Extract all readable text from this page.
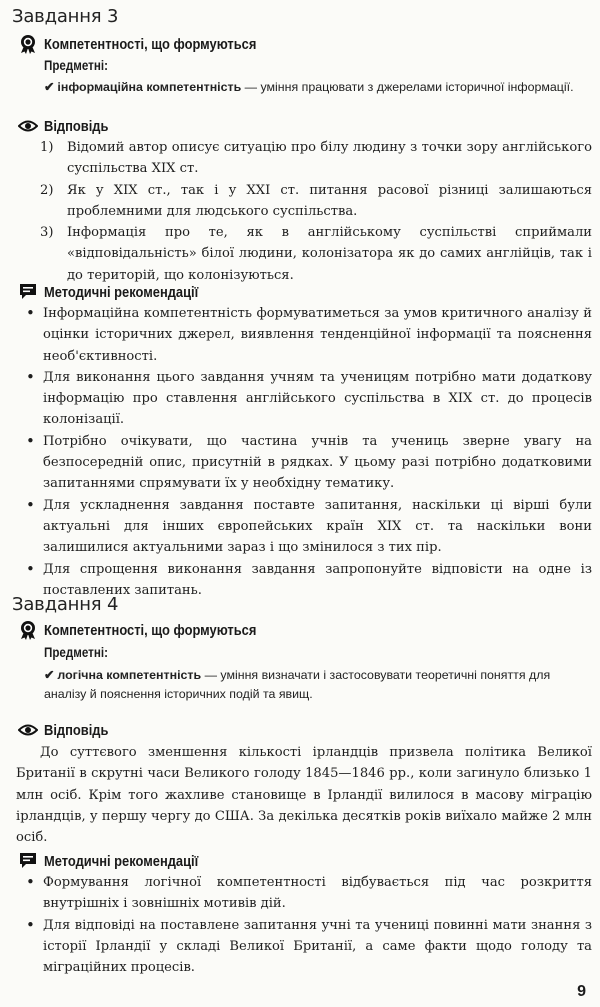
Завдання 3
Компетентності, що формуються
Предметні:
✔ інформаційна компетентність — уміння працювати з джерелами історичної інформації.
Відповідь
1) Відомий автор описує ситуацію про білу людину з точки зору англійського суспільства XIX ст.
2) Як у XIX ст., так і у XXI ст. питання расової різниці залишаються проблемними для людського суспільства.
3) Інформація про те, як в англійському суспільстві сприймали «відповідальність» білої людини, колонізатора як до самих англійців, так і до територій, що колонізуються.
Методичні рекомендації
• Інформаційна компетентність формуватиметься за умов критичного аналізу й оцінки історичних джерел, виявлення тенденційної інформації та пояснення необ'єктивності.
• Для виконання цього завдання учням та ученицям потрібно мати додаткову інформацію про ставлення англійського суспільства в XIX ст. до процесів колонізації.
• Потрібно очікувати, що частина учнів та учениць зверне увагу на безпосередній опис, присутній в рядках. У цьому разі потрібно додатковими запитаннями спрямувати їх у необхідну тематику.
• Для ускладнення завдання поставте запитання, наскільки ці вірші були актуальні для інших європейських країн XIX ст. та наскільки вони залишилися актуальними зараз і що змінилося з тих пір.
• Для спрощення виконання завдання запропонуйте відповісти на одне із поставлених запитань.
Завдання 4
Компетентності, що формуються
Предметні:
✔ логічна компетентність — уміння визначати і застосовувати теоретичні поняття для аналізу й пояснення історичних подій та явищ.
Відповідь
До суттєвого зменшення кількості ірландців призвела політика Великої Британії в скрутні часи Великого голоду 1845—1846 рр., коли загинуло близько 1 млн осіб. Крім того жахливе становище в Ірландії вилилося в масову міграцію ірландців, у першу чергу до США. За декілька десятків років виїхало майже 2 млн осіб.
Методичні рекомендації
• Формування логічної компетентності відбувається під час розкриття внутрішніх і зовнішніх мотивів дій.
• Для відповіді на поставлене запитання учні та учениці повинні мати знання з історії Ірландії у складі Великої Британії, а саме факти щодо голоду та міграційних процесів.
9
